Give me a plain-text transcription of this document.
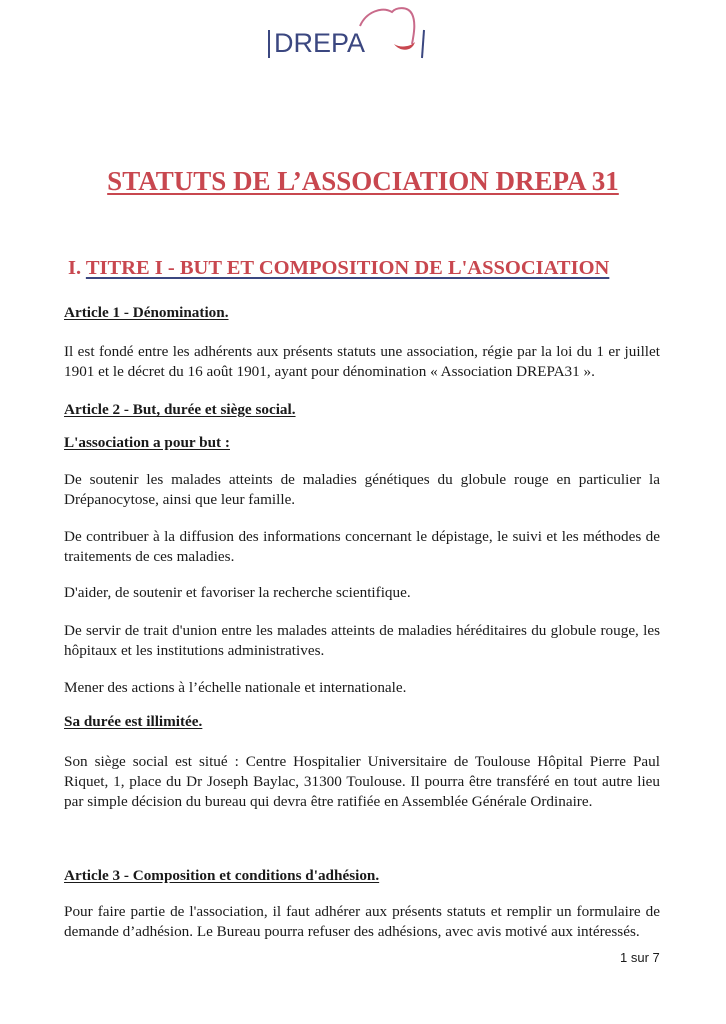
DREPA
STATUTS DE L’ASSOCIATION DREPA 31
I. TITRE I - BUT ET COMPOSITION DE L'ASSOCIATION

Article 1 - Dénomination.

Il est fondé entre les adhérents aux présents statuts une association, régie par la loi du 1 er juillet 1901 et le décret du 16 août 1901, ayant pour dénomination « Association DREPA31 ».

Article 2 - But, durée et siège social.

L'association a pour but :

De soutenir les malades atteints de maladies génétiques du globule rouge en particulier la Drépanocytose, ainsi que leur famille.

De contribuer à la diffusion des informations concernant le dépistage, le suivi et les méthodes de traitements de ces maladies.

D'aider, de soutenir et favoriser la recherche scientifique.

De servir de trait d'union entre les malades atteints de maladies héréditaires du globule rouge, les hôpitaux et les institutions administratives.

Mener des actions à l’échelle nationale et internationale.

Sa durée est illimitée.

Son siège social est situé : Centre Hospitalier Universitaire de Toulouse Hôpital Pierre Paul Riquet, 1, place du Dr Joseph Baylac, 31300 Toulouse. Il pourra être transféré en tout autre lieu par simple décision du bureau qui devra être ratifiée en Assemblée Générale Ordinaire.

Article 3 - Composition et conditions d'adhésion.

Pour faire partie de l'association, il faut adhérer aux présents statuts et remplir un formulaire de demande d’adhésion. Le Bureau pourra refuser des adhésions, avec avis motivé aux intéressés.

1 sur 7
